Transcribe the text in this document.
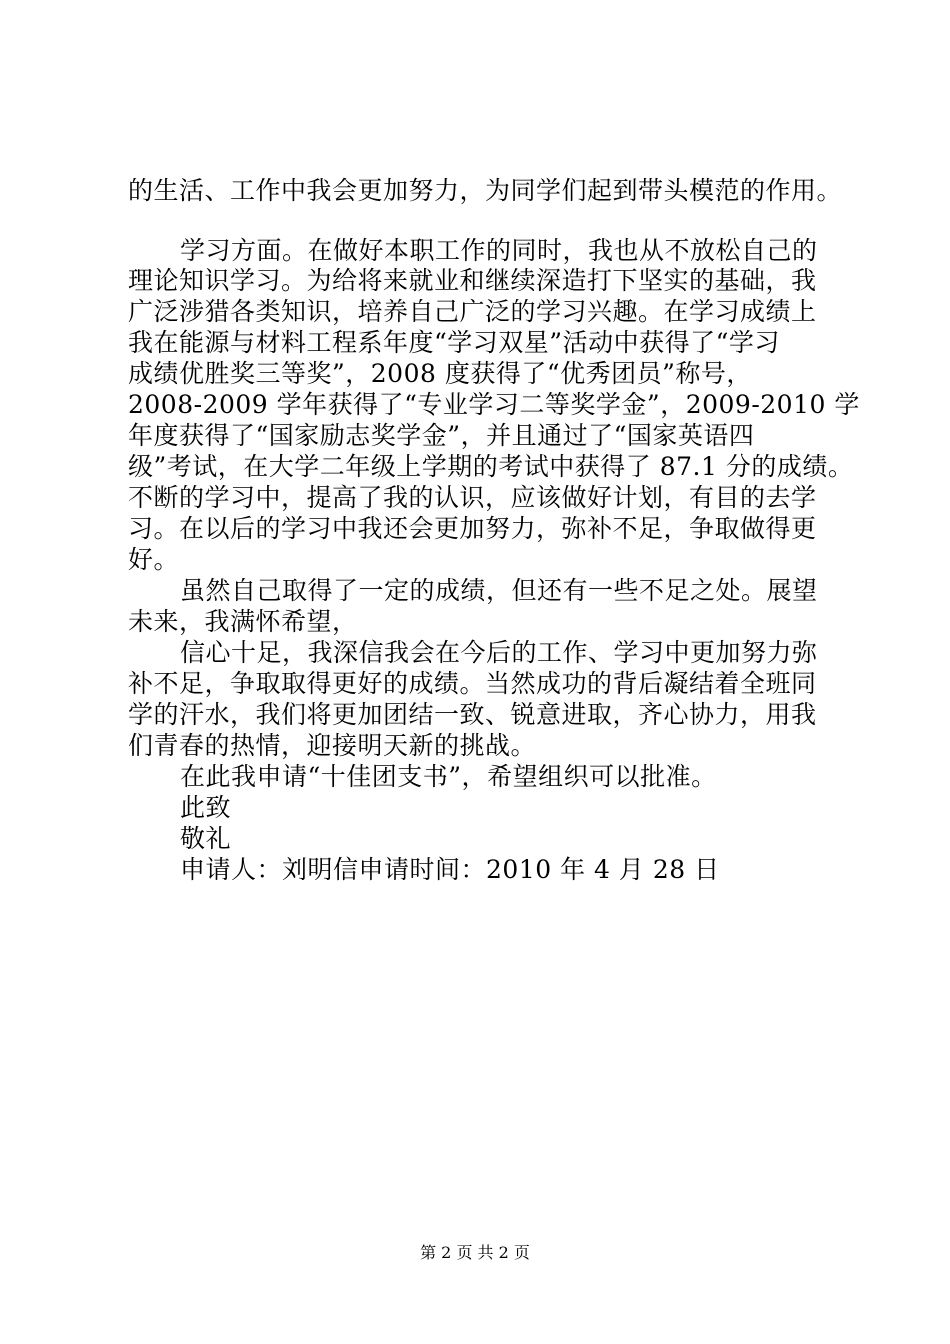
的生活、工作中我会更加努力，为同学们起到带头模范的作用。
学习方面。在做好本职工作的同时，我也从不放松自己的
理论知识学习。为给将来就业和继续深造打下坚实的基础，我
广泛涉猎各类知识，培养自己广泛的学习兴趣。在学习成绩上
我在能源与材料工程系年度“学习双星”活动中获得了“学习
成绩优胜奖三等奖”，2008 度获得了“优秀团员”称号，
2008-2009 学年获得了“专业学习二等奖学金”，2009-2010 学
年度获得了“国家励志奖学金”，并且通过了“国家英语四
级”考试，在大学二年级上学期的考试中获得了 87.1 分的成绩。
不断的学习中，提高了我的认识，应该做好计划，有目的去学
习。在以后的学习中我还会更加努力，弥补不足，争取做得更
好。
虽然自己取得了一定的成绩，但还有一些不足之处。展望
未来，我满怀希望，
信心十足，我深信我会在今后的工作、学习中更加努力弥
补不足，争取取得更好的成绩。当然成功的背后凝结着全班同
学的汗水，我们将更加团结一致、锐意进取，齐心协力，用我
们青春的热情，迎接明天新的挑战。
在此我申请“十佳团支书”，希望组织可以批准。
此致
敬礼
申请人：刘明信申请时间：2010 年 4 月 28 日
第 2 页 共 2 页
